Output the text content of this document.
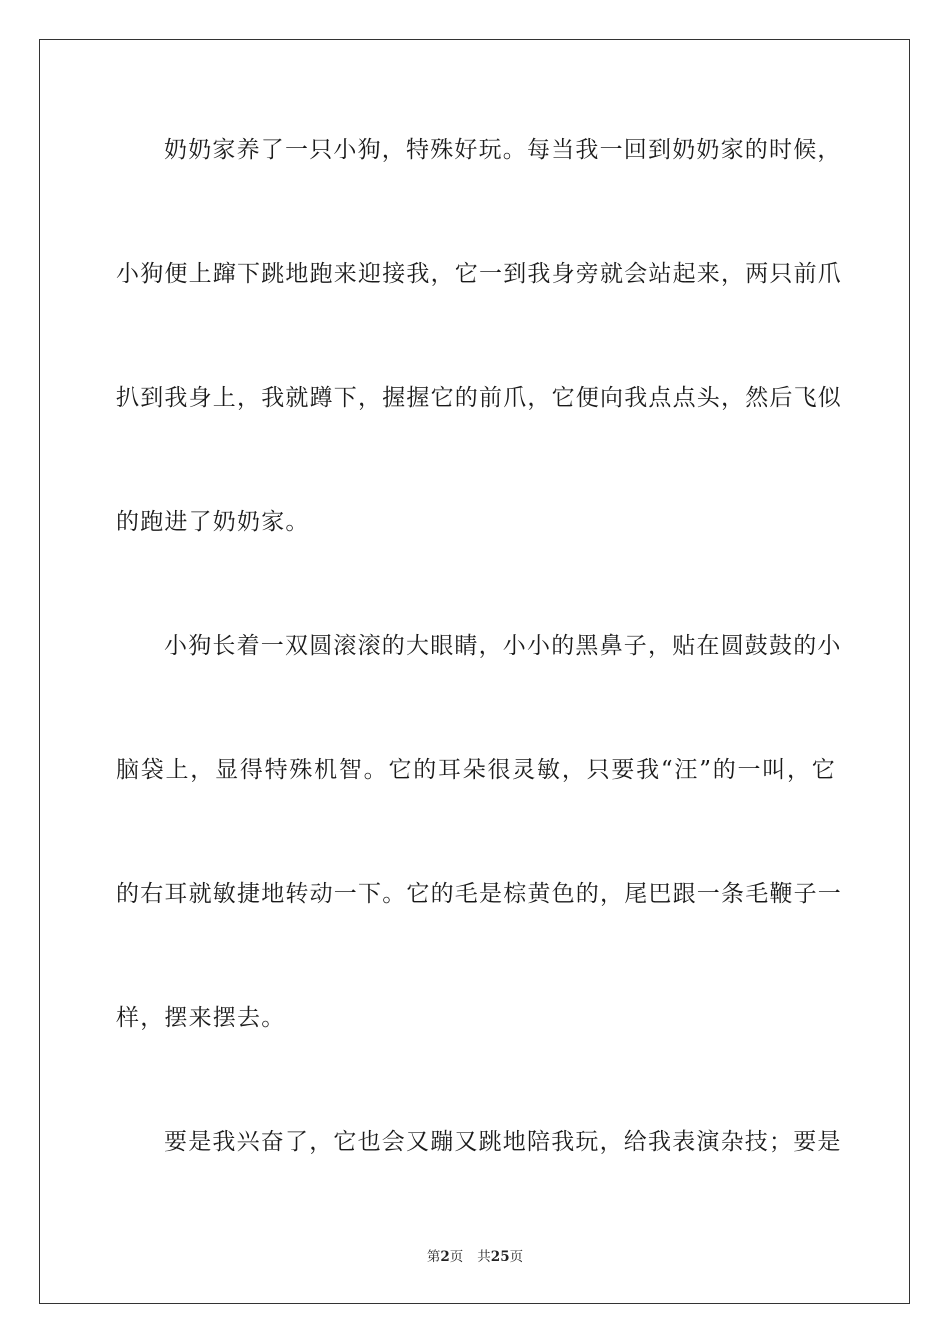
奶奶家养了一只小狗，特殊好玩。每当我一回到奶奶家的时候，
小狗便上蹿下跳地跑来迎接我，它一到我身旁就会站起来，两只前爪
扒到我身上，我就蹲下，握握它的前爪，它便向我点点头，然后飞似
的跑进了奶奶家。
小狗长着一双圆滚滚的大眼睛，小小的黑鼻子，贴在圆鼓鼓的小
脑袋上，显得特殊机智。它的耳朵很灵敏，只要我“汪”的一叫，它
的右耳就敏捷地转动一下。它的毛是棕黄色的，尾巴跟一条毛鞭子一
样，摆来摆去。
要是我兴奋了，它也会又蹦又跳地陪我玩，给我表演杂技；要是
第2页 共25页
